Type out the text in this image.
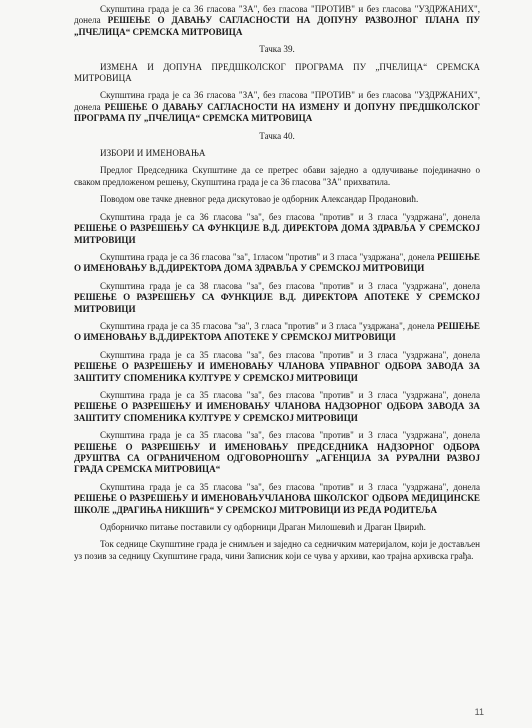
Скупштина града је са 36 гласова "ЗА", без гласова "ПРОТИВ" и без гласова "УЗДРЖАНИХ", донела РЕШЕЊЕ О ДАВАЊУ САГЛАСНОСТИ НА ДОПУНУ РАЗВОЈНОГ ПЛАНА ПУ „ПЧЕЛИЦА“ СРЕМСКА МИТРОВИЦА

Тачка 39.

ИЗМЕНА И ДОПУНА ПРЕДШКОЛСКОГ ПРОГРАМА ПУ „ПЧЕЛИЦА“ СРЕМСКА МИТРОВИЦА

Скупштина града је са 36 гласова "ЗА", без гласова "ПРОТИВ" и без гласова "УЗДРЖАНИХ", донела РЕШЕЊЕ О ДАВАЊУ САГЛАСНОСТИ НА ИЗМЕНУ И ДОПУНУ ПРЕДШКОЛСКОГ ПРОГРАМА ПУ „ПЧЕЛИЦА“ СРЕМСКА МИТРОВИЦА

Тачка 40.

ИЗБОРИ И ИМЕНОВАЊА

Предлог Председника Скупштине да се претрес обави заједно а одлучивање појединачно о сваком предложеном решењу, Скупштина града је са 36 гласова "ЗА" прихватила.

Поводом ове тачке дневног реда дискутовао је одборник Александар Продановић.

Скупштина града је са 36 гласова "за", без гласова "против" и 3 гласа "уздржана", донела РЕШЕЊЕ О РАЗРЕШЕЊУ СА ФУНКЦИЈЕ В.Д. ДИРЕКТОРА ДОМА ЗДРАВЉА У СРЕМСКОЈ МИТРОВИЦИ

Скупштина града је са 36 гласова "за", 1гласом "против" и 3 гласа "уздржана", донела РЕШЕЊЕ О ИМЕНОВАЊУ В.Д.ДИРЕКТОРА ДОМА ЗДРАВЉА У СРЕМСКОЈ МИТРОВИЦИ

Скупштина града је са 38 гласова "за", без гласова "против" и 3 гласа "уздржана", донела РЕШЕЊЕ О РАЗРЕШЕЊУ СА ФУНКЦИЈЕ В.Д. ДИРЕКТОРА АПОТЕКЕ У СРЕМСКОЈ МИТРОВИЦИ

Скупштина града је са 35 гласова "за", 3 гласа "против" и 3 гласа "уздржана", донела РЕШЕЊЕ О ИМЕНОВАЊУ В.Д.ДИРЕКТОРА АПОТЕКЕ У СРЕМСКОЈ МИТРОВИЦИ

Скупштина града је са 35 гласова "за", без гласова "против" и 3 гласа "уздржана", донела РЕШЕЊЕ О РАЗРЕШЕЊУ И ИМЕНОВАЊУ ЧЛАНОВА УПРАВНОГ ОДБОРА ЗАВОДА ЗА ЗАШТИТУ СПОМЕНИКА КУЛТУРЕ У СРЕМСКОЈ МИТРОВИЦИ

Скупштина града је са 35 гласова "за", без гласова "против" и 3 гласа "уздржана", донела РЕШЕЊЕ О РАЗРЕШЕЊУ И ИМЕНОВАЊУ ЧЛАНОВА НАДЗОРНОГ ОДБОРА ЗАВОДА ЗА ЗАШТИТУ СПОМЕНИКА КУЛТУРЕ У СРЕМСКОЈ МИТРОВИЦИ

Скупштина града је са 35 гласова "за", без гласова "против" и 3 гласа "уздржана", донела РЕШЕЊЕ О РАЗРЕШЕЊУ И ИМЕНОВАЊУ ПРЕДСЕДНИКА НАДЗОРНОГ ОДБОРА ДРУШТВА СА ОГРАНИЧЕНОМ ОДГОВОРНОШЋУ „АГЕНЦИЈА ЗА РУРАЛНИ РАЗВОЈ ГРАДА СРЕМСКА МИТРОВИЦА“

Скупштина града је са 35 гласова "за", без гласова "против" и 3 гласа "уздржана", донела РЕШЕЊЕ О РАЗРЕШЕЊУ И ИМЕНОВАЊУЧЛАНОВА ШКОЛСКОГ ОДБОРА МЕДИЦИНСКЕ ШКОЛЕ „ДРАГИЊА НИКШИЋ“ У СРЕМСКОЈ МИТРОВИЦИ ИЗ РЕДА РОДИТЕЉА

Одборничко питање поставили су одборници Драган Милошевић и Драган Цвирић.

Ток седнице Скупштине града је снимљен и заједно са седничким материјалом, који је достављен уз позив за седницу Скупштине града, чини Записник који се чува у архиви, као трајна архивска грађа.

11
